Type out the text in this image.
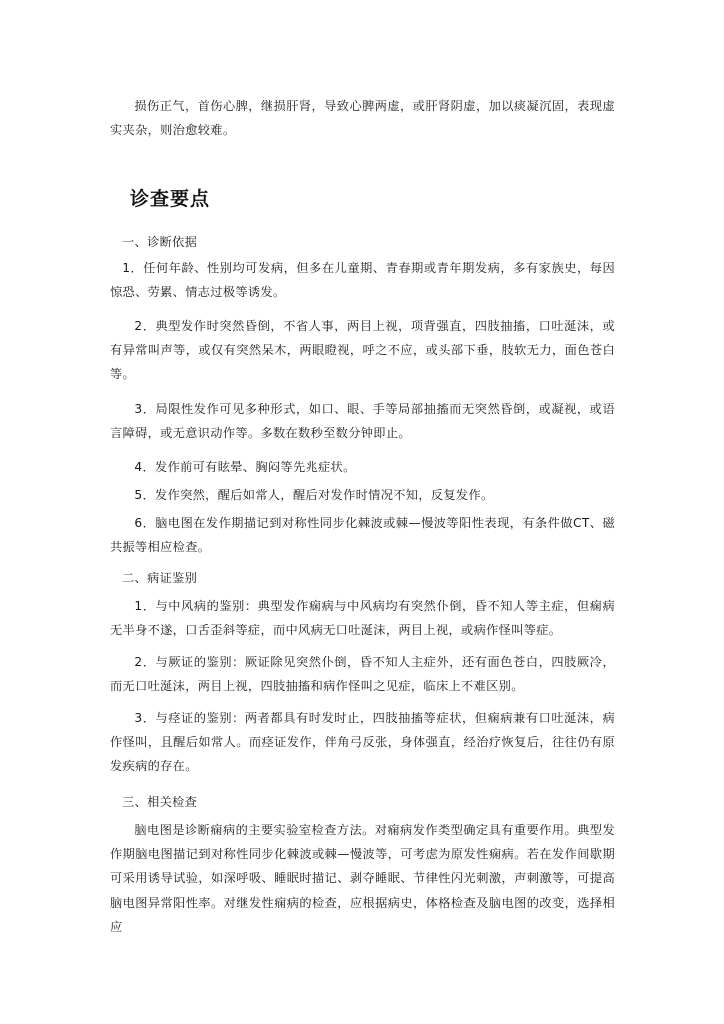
损伤正气，首伤心脾，继损肝肾，导致心脾两虚，或肝肾阴虚，加以痰凝沉固，表现虚实夹杂，则治愈较难。

诊查要点

一、诊断依据

1．任何年龄、性别均可发病，但多在儿童期、青春期或青年期发病，多有家族史，每因惊恐、劳累、情志过极等诱发。

2．典型发作时突然昏倒，不省人事，两目上视，项背强直，四肢抽搐，口吐涎沫，或有异常叫声等，或仅有突然呆木，两眼瞪视，呼之不应，或头部下垂，肢软无力，面色苍白等。

3．局限性发作可见多种形式，如口、眼、手等局部抽搐而无突然昏倒，或凝视，或语言障碍，或无意识动作等。多数在数秒至数分钟即止。

4．发作前可有眩晕、胸闷等先兆症状。

5．发作突然，醒后如常人，醒后对发作时情况不知，反复发作。

6．脑电图在发作期描记到对称性同步化棘波或棘—慢波等阳性表现，有条件做CT、磁共振等相应检查。

二、病证鉴别

1．与中风病的鉴别：典型发作痫病与中风病均有突然仆倒，昏不知人等主症，但痫病无半身不遂，口舌歪斜等症，而中风病无口吐涎沫，两目上视，或病作怪叫等症。

2．与厥证的鉴别：厥证除见突然仆倒，昏不知人主症外，还有面色苍白，四肢厥冷，而无口吐涎沫，两目上视，四肢抽搐和病作怪叫之见症，临床上不难区别。

3．与痉证的鉴别：两者都具有时发时止，四肢抽搐等症状，但痫病兼有口吐涎沫，病作怪叫，且醒后如常人。而痉证发作，伴角弓反张，身体强直，经治疗恢复后，往往仍有原发疾病的存在。

三、相关检查

脑电图是诊断痫病的主要实验室检查方法。对痫病发作类型确定具有重要作用。典型发作期脑电图描记到对称性同步化棘波或棘—慢波等，可考虑为原发性痫病。若在发作间歇期可采用诱导试验，如深呼吸、睡眠时描记、剥夺睡眠、节律性闪光刺激，声刺激等，可提高脑电图异常阳性率。对继发性痫病的检查，应根据病史，体格检查及脑电图的改变，选择相应
